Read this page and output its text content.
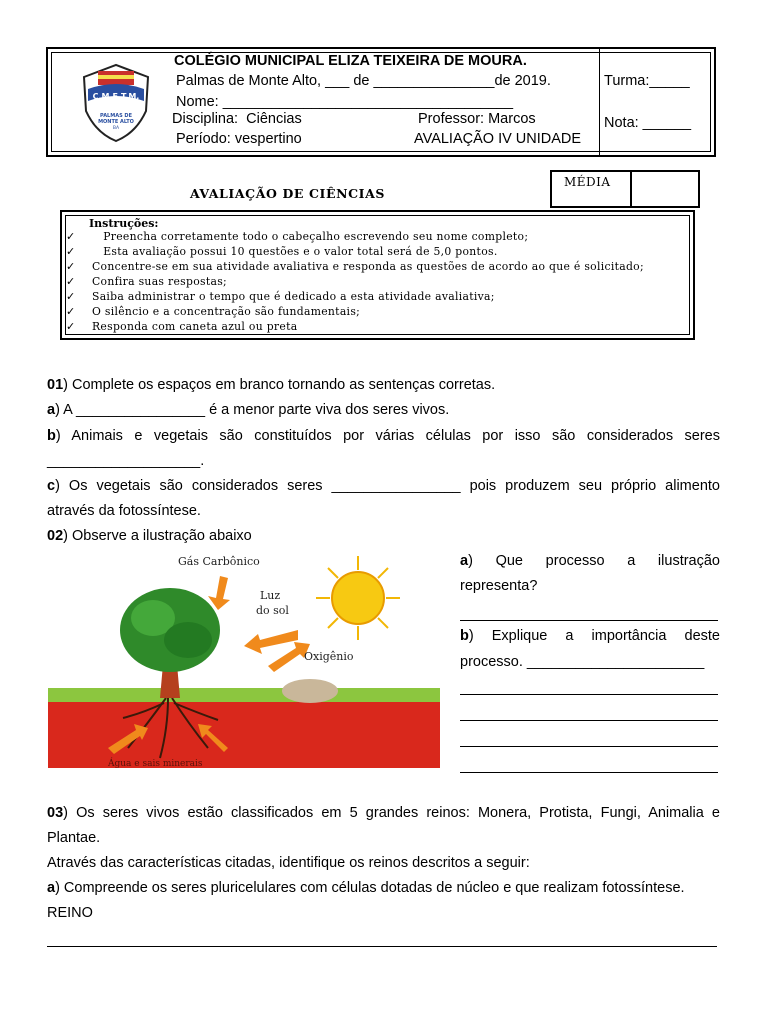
C.M.E.T.M.
PALMAS DE
MONTE ALTO
BA
COLÉGIO MUNICIPAL ELIZA TEIXEIRA DE MOURA.
Palmas de Monte Alto, ___ de _______________de 2019.
Nome: ____________________________________
Disciplina:  Ciências	Professor: Marcos
Período: vespertino	AVALIAÇÃO IV UNIDADE
Turma:_____
Nota: ______
AVALIAÇÃO DE CIÊNCIAS
MÉDIA
Instruções:
✓   Preencha corretamente todo o cabeçalho escrevendo seu nome completo;
✓   Esta avaliação possui 10 questões e o valor total será de 5,0 pontos.
✓ Concentre-se em sua atividade avaliativa e responda as questões de acordo ao que é solicitado;
✓ Confira suas respostas;
✓ Saiba administrar o tempo que é dedicado a esta atividade avaliativa;
✓ O silêncio e a concentração são fundamentais;
✓ Responda com caneta azul ou preta
01) Complete os espaços em branco tornando as sentenças corretas.
a) A ________________ é a menor parte viva dos seres vivos.
b) Animais e vegetais são constituídos por várias células por isso são considerados seres
___________________.
c) Os vegetais são considerados seres ________________ pois produzem seu próprio alimento
através da fotossíntese.
02) Observe a ilustração abaixo
Gás Carbônico
Luz
do sol
Oxigênio
Água e sais minerais
a) Que processo a ilustração
representa?
b) Explique a importância deste
processo. ______________________
03) Os seres vivos estão classificados em 5 grandes reinos: Monera, Protista, Fungi, Animalia e
Plantae.
Através das características citadas, identifique os reinos descritos a seguir:
a) Compreende os seres pluricelulares com células dotadas de núcleo e que realizam fotossíntese.
REINO
